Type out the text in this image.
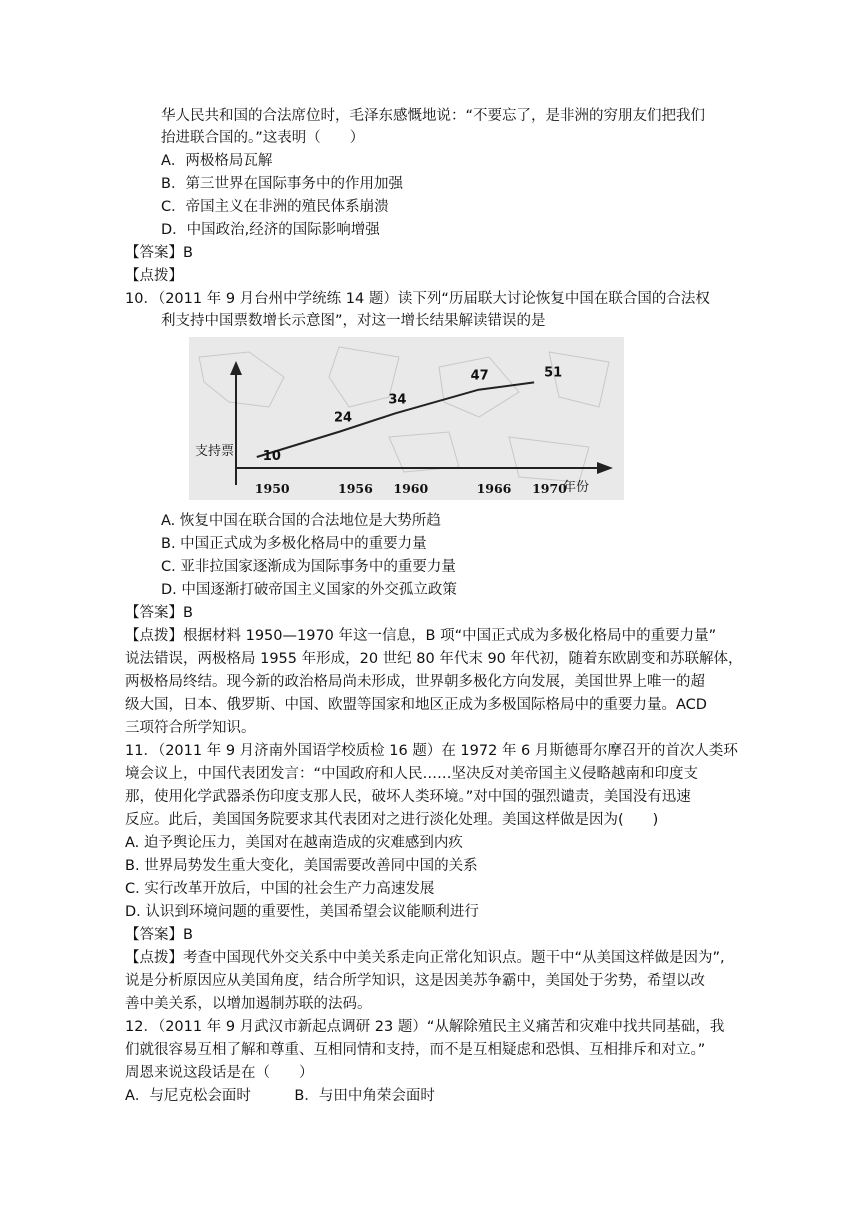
华人民共和国的合法席位时，毛泽东感慨地说：“不要忘了，是非洲的穷朋友们把我们
抬进联合国的。”这表明（　　）
A．两极格局瓦解
B．第三世界在国际事务中的作用加强
C．帝国主义在非洲的殖民体系崩溃
D．中国政治,经济的国际影响增强
【答案】B
【点拨】
10．（2011 年 9 月台州中学统练 14 题）读下列“历届联大讨论恢复中国在联合国的合法权
利支持中国票数增长示意图”，对这一增长结果解读错误的是
10
24
34
47	51
1950	1956 1960	1966 1970
支持票
年份
A. 恢复中国在联合国的合法地位是大势所趋
B. 中国正式成为多极化格局中的重要力量
C. 亚非拉国家逐渐成为国际事务中的重要力量
D. 中国逐渐打破帝国主义国家的外交孤立政策
【答案】B
【点拨】根据材料 1950—1970 年这一信息，B 项“中国正式成为多极化格局中的重要力量”
说法错误，两极格局 1955 年形成，20 世纪 80 年代末 90 年代初，随着东欧剧变和苏联解体，
两极格局终结。现今新的政治格局尚未形成，世界朝多极化方向发展，美国世界上唯一的超
级大国，日本、俄罗斯、中国、欧盟等国家和地区正成为多极国际格局中的重要力量。ACD
三项符合所学知识。
11．（2011 年 9 月济南外国语学校质检 16 题）在 1972 年 6 月斯德哥尔摩召开的首次人类环
境会议上，中国代表团发言：“中国政府和人民……坚决反对美帝国主义侵略越南和印度支
那，使用化学武器杀伤印度支那人民，破坏人类环境。”对中国的强烈谴责，美国没有迅速
反应。此后，美国国务院要求其代表团对之进行淡化处理。美国这样做是因为(　　)
A. 迫予舆论压力，美国对在越南造成的灾难感到内疚
B. 世界局势发生重大变化，美国需要改善同中国的关系
C. 实行改革开放后，中国的社会生产力高速发展
D. 认识到环境问题的重要性，美国希望会议能顺利进行
【答案】B
【点拨】考查中国现代外交关系中中美关系走向正常化知识点。题干中“从美国这样做是因为”,
说是分析原因应从美国角度，结合所学知识，这是因美苏争霸中，美国处于劣势，希望以改
善中美关系，以增加遏制苏联的法码。
12．（2011 年 9 月武汉市新起点调研 23 题）“从解除殖民主义痛苦和灾难中找共同基础，我
们就很容易互相了解和尊重、互相同情和支持，而不是互相疑虑和恐惧、互相排斥和对立。”
周恩来说这段话是在（　　）
A．与尼克松会面时　　　B．与田中角荣会面时
